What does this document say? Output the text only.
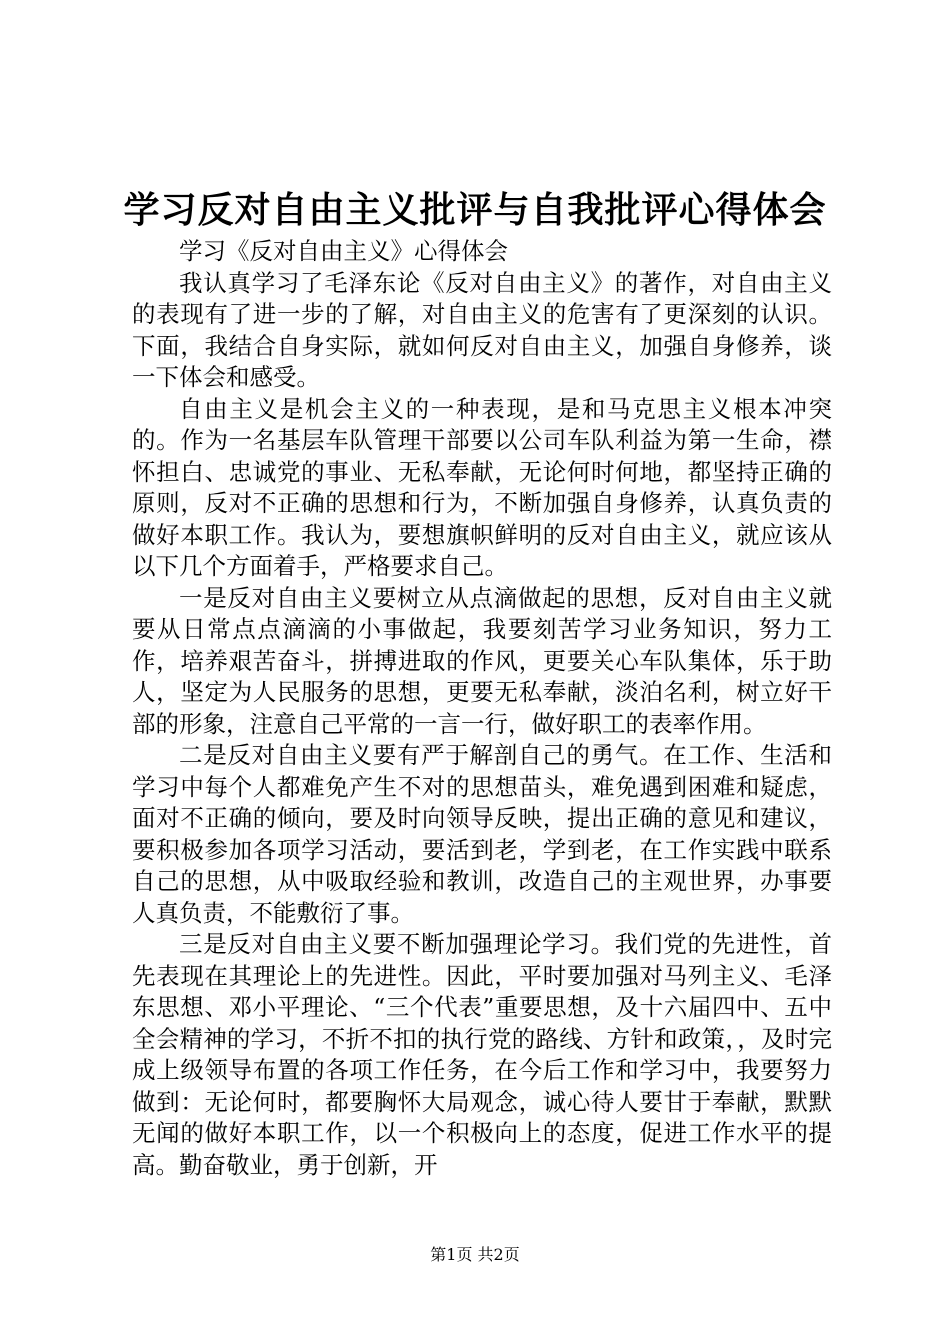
学习反对自由主义批评与自我批评心得体会

学习《反对自由主义》心得体会

我认真学习了毛泽东论《反对自由主义》的著作，对自由主义的表现有了进一步的了解，对自由主义的危害有了更深刻的认识。下面，我结合自身实际，就如何反对自由主义，加强自身修养，谈一下体会和感受。

自由主义是机会主义的一种表现，是和马克思主义根本冲突的。作为一名基层车队管理干部要以公司车队利益为第一生命，襟怀担白、忠诚党的事业、无私奉献，无论何时何地，都坚持正确的原则，反对不正确的思想和行为，不断加强自身修养，认真负责的做好本职工作。我认为，要想旗帜鲜明的反对自由主义，就应该从以下几个方面着手，严格要求自己。

一是反对自由主义要树立从点滴做起的思想，反对自由主义就要从日常点点滴滴的小事做起，我要刻苦学习业务知识，努力工作，培养艰苦奋斗，拼搏进取的作风，更要关心车队集体，乐于助人，坚定为人民服务的思想，更要无私奉献，淡泊名利，树立好干部的形象，注意自己平常的一言一行，做好职工的表率作用。

二是反对自由主义要有严于解剖自己的勇气。在工作、生活和学习中每个人都难免产生不对的思想苗头，难免遇到困难和疑虑，面对不正确的倾向，要及时向领导反映，提出正确的意见和建议，要积极参加各项学习活动，要活到老，学到老，在工作实践中联系自己的思想，从中吸取经验和教训，改造自己的主观世界，办事要人真负责，不能敷衍了事。

三是反对自由主义要不断加强理论学习。我们党的先进性，首先表现在其理论上的先进性。因此，平时要加强对马列主义、毛泽东思想、邓小平理论、“三个代表”重要思想，及十六届四中、五中全会精神的学习，不折不扣的执行党的路线、方针和政策，，及时完成上级领导布置的各项工作任务，在今后工作和学习中，我要努力做到：无论何时，都要胸怀大局观念，诚心待人要甘于奉献，默默无闻的做好本职工作，以一个积极向上的态度，促进工作水平的提高。勤奋敬业，勇于创新，开

第1页 共2页
